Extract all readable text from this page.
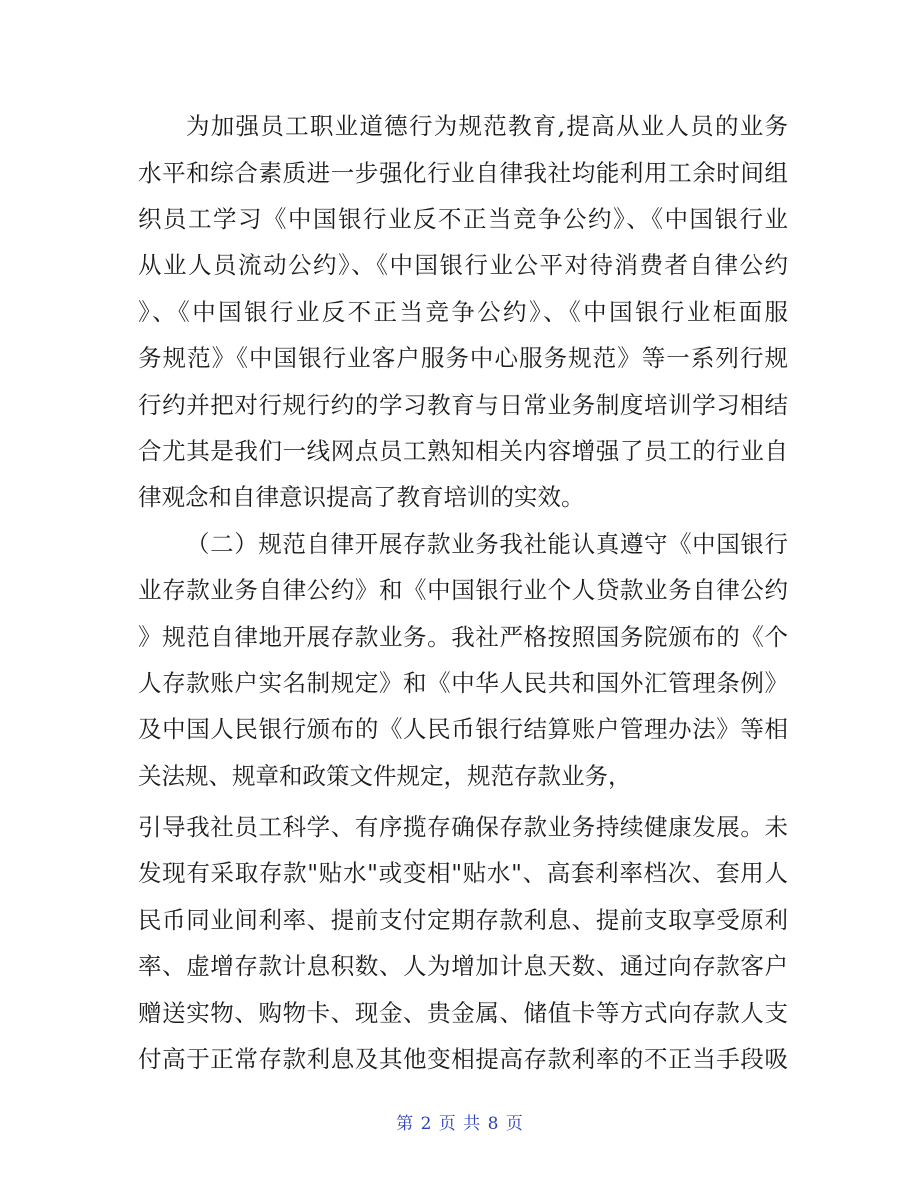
为加强员工职业道德行为规范教育,提高从业人员的业务
水平和综合素质进一步强化行业自律我社均能利用工余时间组
织员工学习《中国银行业反不正当竞争公约》、《中国银行业
从业人员流动公约》、《中国银行业公平对待消费者自律公约
》、《中国银行业反不正当竞争公约》、《中国银行业柜面服
务规范》《中国银行业客户服务中心服务规范》等一系列行规
行约并把对行规行约的学习教育与日常业务制度培训学习相结
合尤其是我们一线网点员工熟知相关内容增强了员工的行业自
律观念和自律意识提高了教育培训的实效。
（二）规范自律开展存款业务我社能认真遵守《中国银行
业存款业务自律公约》和《中国银行业个人贷款业务自律公约
》规范自律地开展存款业务。我社严格按照国务院颁布的《个
人存款账户实名制规定》和《中华人民共和国外汇管理条例》
及中国人民银行颁布的《人民币银行结算账户管理办法》等相
关法规、规章和政策文件规定，规范存款业务，
引导我社员工科学、有序揽存确保存款业务持续健康发展。未
发现有采取存款"贴水"或变相"贴水"、高套利率档次、套用人
民币同业间利率、提前支付定期存款利息、提前支取享受原利
率、虚增存款计息积数、人为增加计息天数、通过向存款客户
赠送实物、购物卡、现金、贵金属、储值卡等方式向存款人支
付高于正常存款利息及其他变相提高存款利率的不正当手段吸
第 2 页 共 8 页
